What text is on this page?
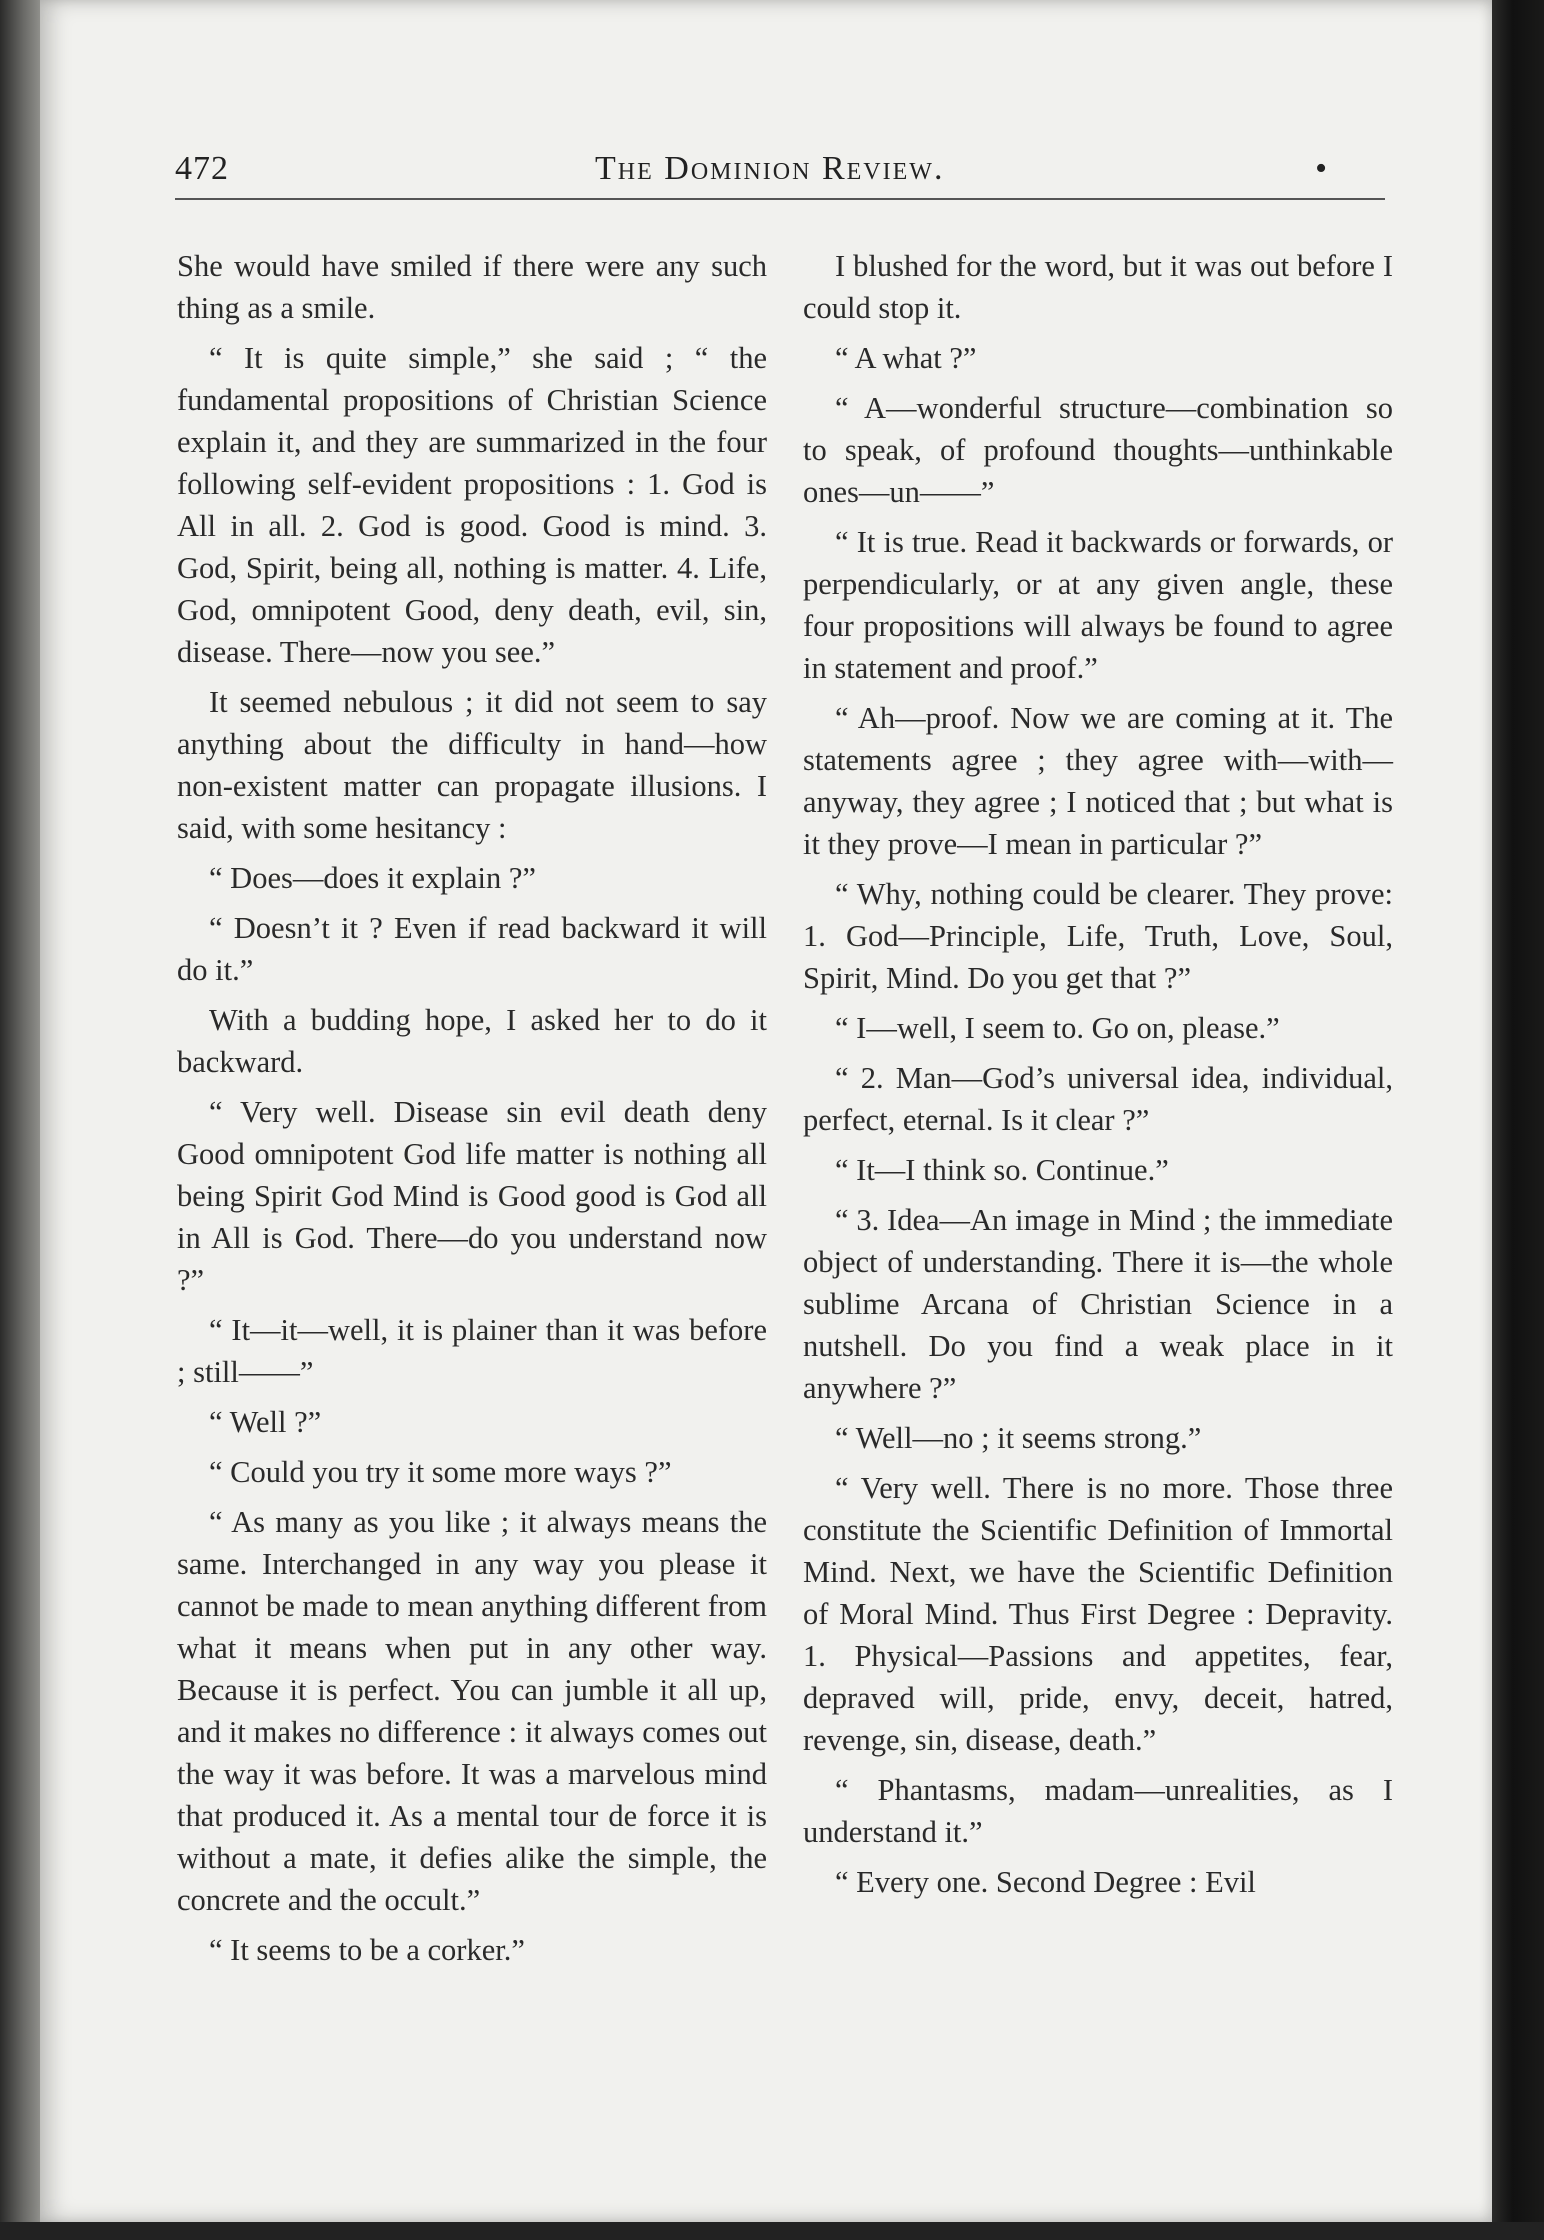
472	The Dominion Review.	•

She would have smiled if there were any such thing as a smile.

“ It is quite simple,” she said ; “ the fundamental propositions of Christian Science explain it, and they are summarized in the four following self-evident propositions : 1. God is All in all. 2. God is good. Good is mind. 3. God, Spirit, being all, nothing is matter. 4. Life, God, omnipotent Good, deny death, evil, sin, disease. There—now you see.”

It seemed nebulous ; it did not seem to say anything about the difficulty in hand—how non-existent matter can propagate illusions. I said, with some hesitancy :

“ Does—does it explain ?”

“ Doesn’t it ? Even if read backward it will do it.”

With a budding hope, I asked her to do it backward.

“ Very well. Disease sin evil death deny Good omnipotent God life matter is nothing all being Spirit God Mind is Good good is God all in All is God. There—do you understand now ?”

“ It—it—well, it is plainer than it was before ; still——”

“ Well ?”

“ Could you try it some more ways ?”

“ As many as you like ; it always means the same. Interchanged in any way you please it cannot be made to mean anything different from what it means when put in any other way. Because it is perfect. You can jumble it all up, and it makes no difference : it always comes out the way it was before. It was a marvelous mind that produced it. As a mental tour de force it is without a mate, it defies alike the simple, the concrete and the occult.”

“ It seems to be a corker.”

I blushed for the word, but it was out before I could stop it.

“ A what ?”

“ A—wonderful structure—combination so to speak, of profound thoughts—unthinkable ones—un——”

“ It is true. Read it backwards or forwards, or perpendicularly, or at any given angle, these four propositions will always be found to agree in statement and proof.”

“ Ah—proof. Now we are coming at it. The statements agree ; they agree with—with—anyway, they agree ; I noticed that ; but what is it they prove—I mean in particular ?”

“ Why, nothing could be clearer. They prove: 1. God—Principle, Life, Truth, Love, Soul, Spirit, Mind. Do you get that ?”

“ I—well, I seem to. Go on, please.”

“ 2. Man—God’s universal idea, individual, perfect, eternal. Is it clear ?”

“ It—I think so. Continue.”

“ 3. Idea—An image in Mind ; the immediate object of understanding. There it is—the whole sublime Arcana of Christian Science in a nutshell. Do you find a weak place in it anywhere ?”

“ Well—no ; it seems strong.”

“ Very well. There is no more. Those three constitute the Scientific Definition of Immortal Mind. Next, we have the Scientific Definition of Moral Mind. Thus First Degree : Depravity. 1. Physical—Passions and appetites, fear, depraved will, pride, envy, deceit, hatred, revenge, sin, disease, death.”

“ Phantasms, madam—unrealities, as I understand it.”

“ Every one. Second Degree : Evil
